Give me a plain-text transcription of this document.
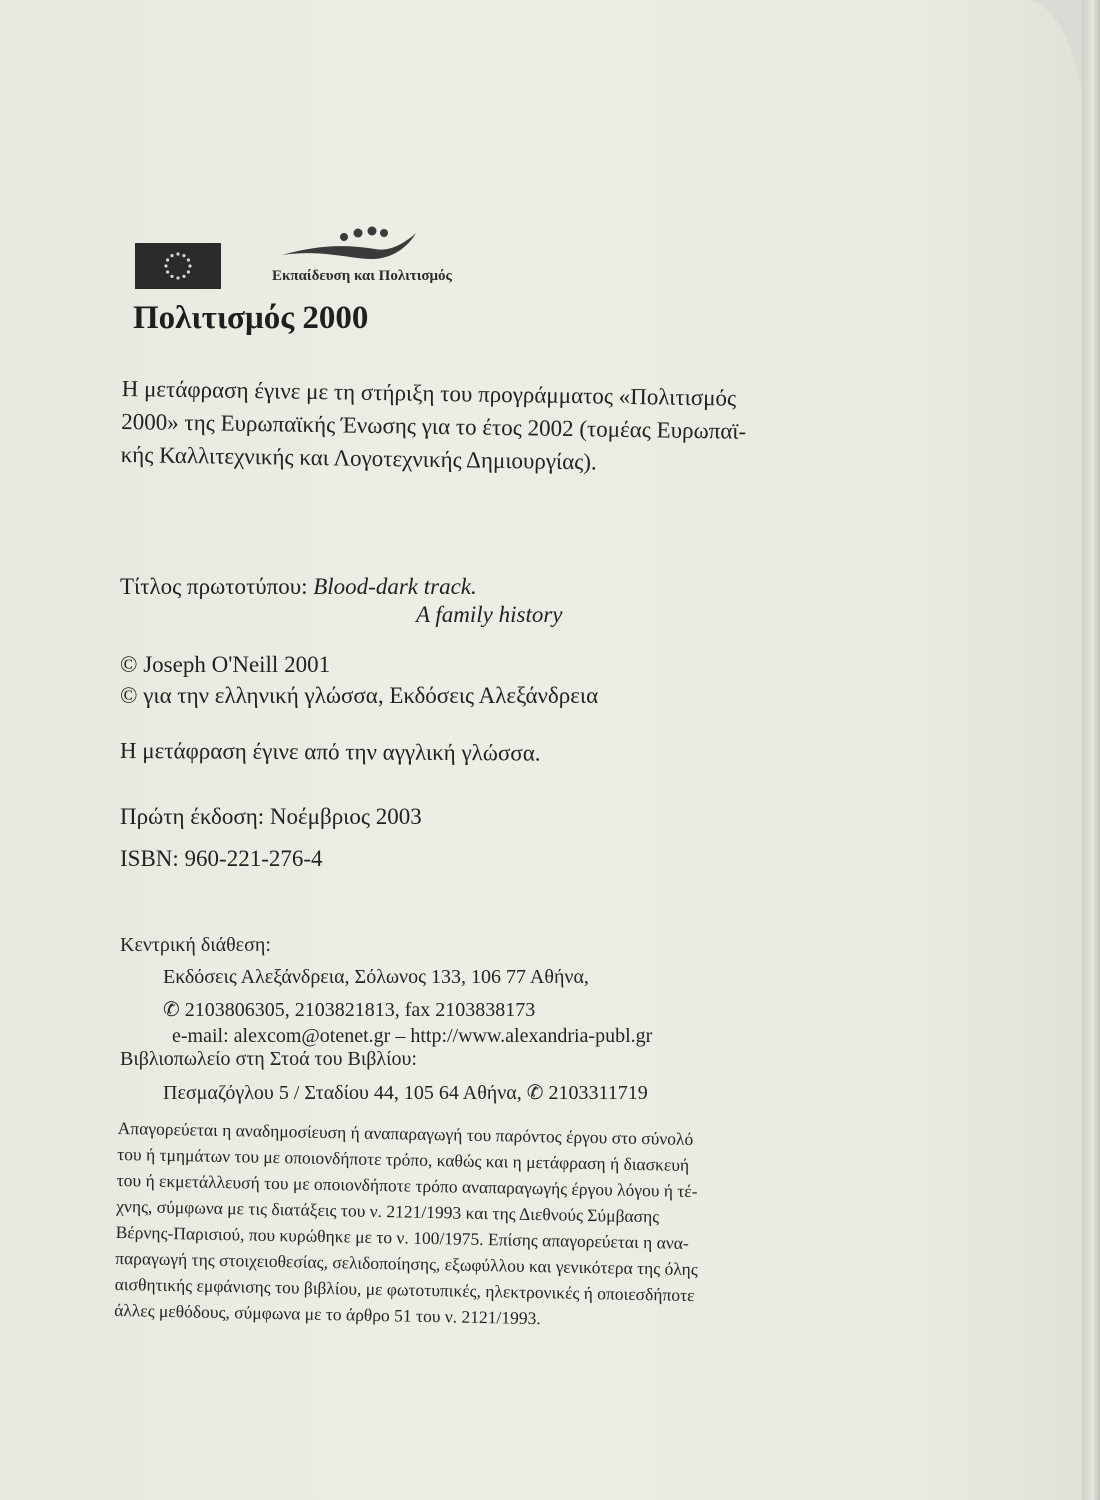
Εκπαίδευση και Πολιτισμός
Πολιτισμός 2000
Η μετάφραση έγινε με τη στήριξη του προγράμματος «Πολιτισμός
2000» της Ευρωπαϊκής Ένωσης για το έτος 2002 (τομέας Ευρωπαϊ-
κής Καλλιτεχνικής και Λογοτεχνικής Δημιουργίας).
Τίτλος πρωτοτύπου: Blood-dark track.
A family history
© Joseph O'Neill 2001
© για την ελληνική γλώσσα, Εκδόσεις Αλεξάνδρεια
Η μετάφραση έγινε από την αγγλική γλώσσα.
Πρώτη έκδοση: Νοέμβριος 2003
ISBN: 960-221-276-4
Κεντρική διάθεση:
Εκδόσεις Αλεξάνδρεια, Σόλωνος 133, 106 77 Αθήνα,
✆ 2103806305, 2103821813, fax 2103838173
e-mail: alexcom@otenet.gr – http://www.alexandria-publ.gr
Βιβλιοπωλείο στη Στοά του Βιβλίου:
Πεσμαζόγλου 5 / Σταδίου 44, 105 64 Αθήνα, ✆ 2103311719
Απαγορεύεται η αναδημοσίευση ή αναπαραγωγή του παρόντος έργου στο σύνολό
του ή τμημάτων του με οποιονδήποτε τρόπο, καθώς και η μετάφραση ή διασκευή
του ή εκμετάλλευσή του με οποιονδήποτε τρόπο αναπαραγωγής έργου λόγου ή τέ-
χνης, σύμφωνα με τις διατάξεις του ν. 2121/1993 και της Διεθνούς Σύμβασης
Βέρνης-Παρισιού, που κυρώθηκε με το ν. 100/1975. Επίσης απαγορεύεται η ανα-
παραγωγή της στοιχειοθεσίας, σελιδοποίησης, εξωφύλλου και γενικότερα της όλης
αισθητικής εμφάνισης του βιβλίου, με φωτοτυπικές, ηλεκτρονικές ή οποιεσδήποτε
άλλες μεθόδους, σύμφωνα με το άρθρο 51 του ν. 2121/1993.
